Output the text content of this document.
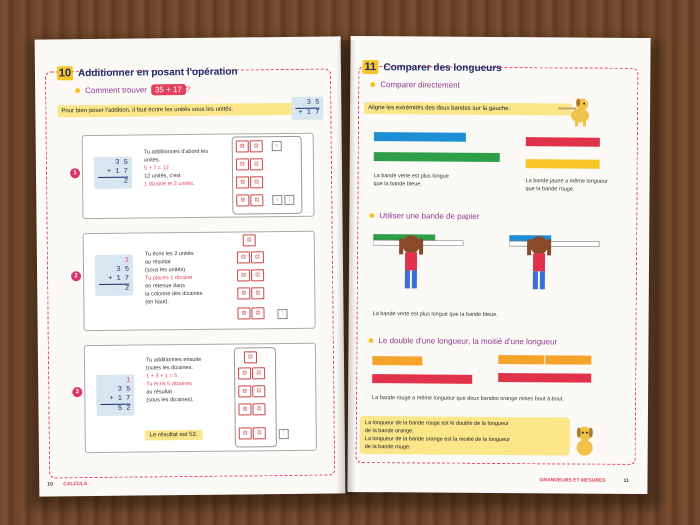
10 Additionner en posant l'opération
Comment trouver 35 + 17 ?
Pour bien poser l'addition, il faut écrire les unités sous les unités.
3 5
+ 1 7
1
3 5
+ 1 7
2
Tu additionnes d'abord les
unités.
5 + 7 = 12
12 unités, c'est
1 dizaine et 2 unités.
⚅	⚄
⚅	⚄
⚅	⚄
⚅	⚄
⁘
⁘	⁚
2
1
3 5
+ 1 7
2
Tu écris les 2 unités
au résultat
(sous les unités).
Tu places 1 dizaine
en retenue dans
la colonne des dizaines
(en haut).
⚄
⚅	⚄
⚅	⚄
⚅	⚄
⚅	⚄	⁚
3
1
3 5
+ 1 7
5 2
Tu additionnes ensuite
toutes les dizaines.
1 + 3 + 1 = 5
Tu écris 5 dizaines
au résultat
(sous les dizaines).
⚄
⚅	⚄
⚅	⚄
⚅	⚄
⚅	⚄	⁚
Le résultat est 52.
10 CALCULS
11 Comparer des longueurs
Comparer directement
Aligne les extrémités des deux bandes sur la gauche.
La bande verte est plus longue
que la bande bleue.	La bande jaune a même longueur
que la bande rouge.
Utiliser une bande de papier
La bande verte est plus longue que la bande bleue.
Le double d'une longueur, la moitié d'une longueur
La bande rouge a même longueur que deux bandes orange mises bout à bout.
La longueur de la bande rouge est le double de la longueur
de la bande orange.
La longueur de la bande orange est la moitié de la longueur
de la bande rouge.
GRANDEURS ET MESURES	11
